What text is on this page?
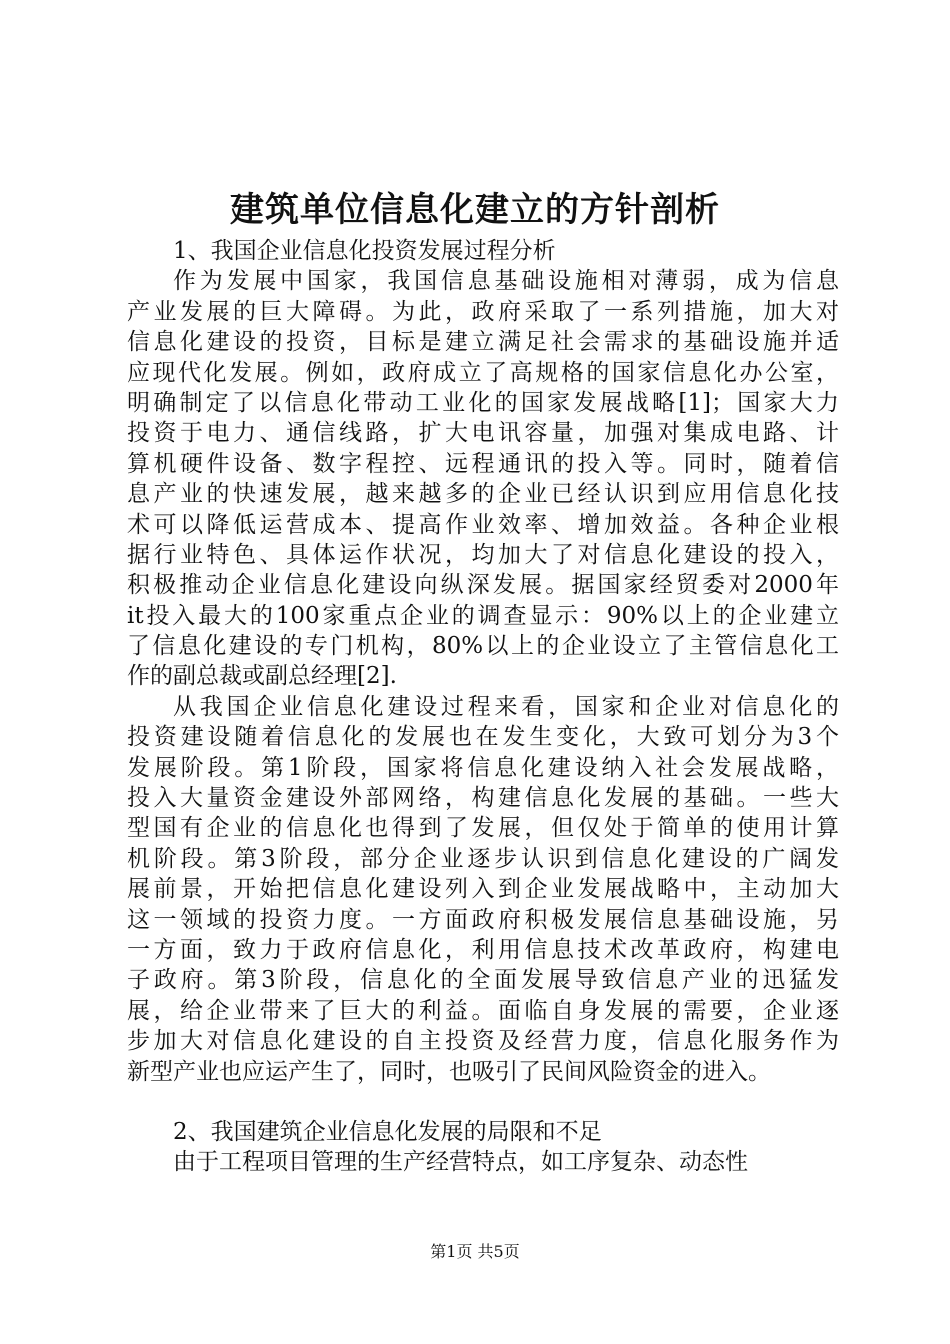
建筑单位信息化建立的方针剖析
1、我国企业信息化投资发展过程分析
作为发展中国家，我国信息基础设施相对薄弱，成为信息
产业发展的巨大障碍。为此，政府采取了一系列措施，加大对
信息化建设的投资，目标是建立满足社会需求的基础设施并适
应现代化发展。例如，政府成立了高规格的国家信息化办公室，
明确制定了以信息化带动工业化的国家发展战略[1]；国家大力
投资于电力、通信线路，扩大电讯容量，加强对集成电路、计
算机硬件设备、数字程控、远程通讯的投入等。同时，随着信
息产业的快速发展，越来越多的企业已经认识到应用信息化技
术可以降低运营成本、提高作业效率、增加效益。各种企业根
据行业特色、具体运作状况，均加大了对信息化建设的投入，
积极推动企业信息化建设向纵深发展。据国家经贸委对2000年
it投入最大的100家重点企业的调查显示：90%以上的企业建立
了信息化建设的专门机构，80%以上的企业设立了主管信息化工
作的副总裁或副总经理[2].
从我国企业信息化建设过程来看，国家和企业对信息化的
投资建设随着信息化的发展也在发生变化，大致可划分为3个
发展阶段。第1阶段，国家将信息化建设纳入社会发展战略，
投入大量资金建设外部网络，构建信息化发展的基础。一些大
型国有企业的信息化也得到了发展，但仅处于简单的使用计算
机阶段。第3阶段，部分企业逐步认识到信息化建设的广阔发
展前景，开始把信息化建设列入到企业发展战略中，主动加大
这一领域的投资力度。一方面政府积极发展信息基础设施，另
一方面，致力于政府信息化，利用信息技术改革政府，构建电
子政府。第3阶段，信息化的全面发展导致信息产业的迅猛发
展，给企业带来了巨大的利益。面临自身发展的需要，企业逐
步加大对信息化建设的自主投资及经营力度，信息化服务作为
新型产业也应运产生了，同时，也吸引了民间风险资金的进入。
2、我国建筑企业信息化发展的局限和不足
由于工程项目管理的生产经营特点，如工序复杂、动态性
第1页 共5页
